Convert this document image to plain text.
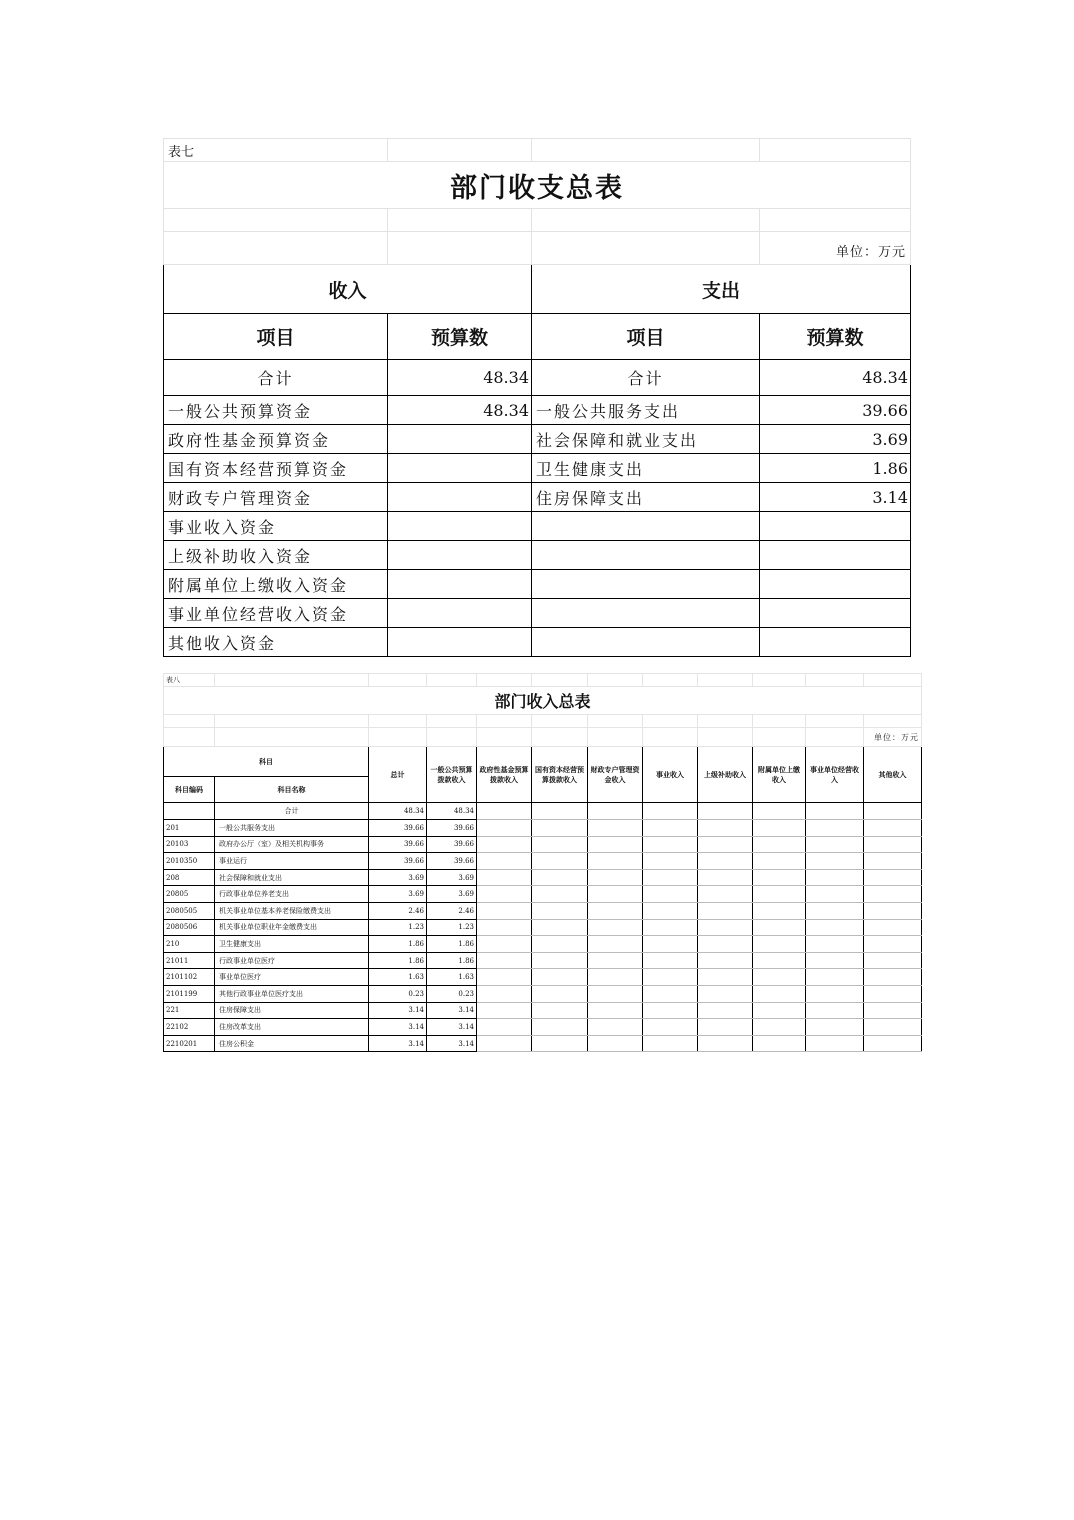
表七			
部门收支总表			

			单位：万元
收入		支出	
项目	预算数	项目	预算数
合计	48.34	合计	48.34
一般公共预算资金	48.34	一般公共服务支出	39.66
政府性基金预算资金		社会保障和就业支出	3.69
国有资本经营预算资金		卫生健康支出	1.86
财政专户管理资金		住房保障支出	3.14
事业收入资金			
上级补助收入资金			
附属单位上缴收入资金			
事业单位经营收入资金			
其他收入资金			
表八											
部门收入总表											

											单位：万元
科目		总计	一般公共预算拨款收入	政府性基金预算拨款收入	国有资本经营预算拨款收入	财政专户管理资金收入	事业收入	上级补助收入	附属单位上缴收入	事业单位经营收入	其他收入
科目编码	科目名称										
	合计	48.34	48.34								
201	一般公共服务支出	39.66	39.66								
20103	政府办公厅（室）及相关机构事务	39.66	39.66								
2010350	事业运行	39.66	39.66								
208	社会保障和就业支出	3.69	3.69								
20805	行政事业单位养老支出	3.69	3.69								
2080505	机关事业单位基本养老保险缴费支出	2.46	2.46								
2080506	机关事业单位职业年金缴费支出	1.23	1.23								
210	卫生健康支出	1.86	1.86								
21011	行政事业单位医疗	1.86	1.86								
2101102	事业单位医疗	1.63	1.63								
2101199	其他行政事业单位医疗支出	0.23	0.23								
221	住房保障支出	3.14	3.14								
22102	住房改革支出	3.14	3.14								
2210201	住房公积金	3.14	3.14								
